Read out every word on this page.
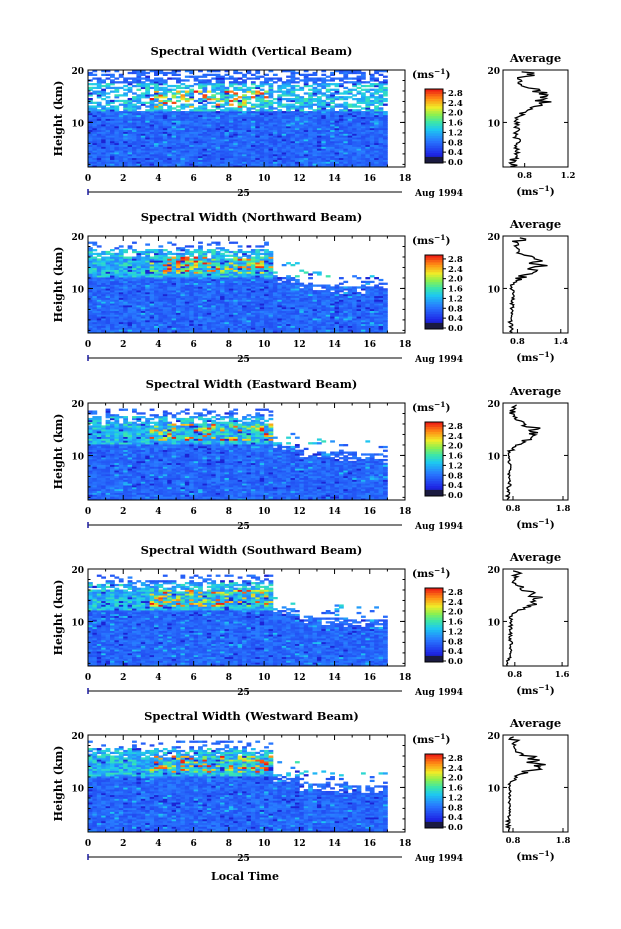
Spectral Width (Vertical Beam)
0	2	4	6	8	10	12	14	16	18
10
20
Height (km)
25	Aug 1994
$(ms^{-1})$
2.8
2.4
2.0
1.6
1.2
0.8
0.4
0.0
Average
10
20
0.8	1.2
$(ms^{-1})$
Spectral Width (Northward Beam)
0	2	4	6	8	10	12	14	16	18
10
20
Height (km)
25	Aug 1994
$(ms^{-1})$
2.8
2.4
2.0
1.6
1.2
0.8
0.4
0.0
Average
10
20
0.8	1.4
$(ms^{-1})$
Spectral Width (Eastward Beam)
0	2	4	6	8	10	12	14	16	18
10
20
Height (km)
25	Aug 1994
$(ms^{-1})$
2.8
2.4
2.0
1.6
1.2
0.8
0.4
0.0
Average
10
20
0.8	1.8
$(ms^{-1})$
Spectral Width (Southward Beam)
0	2	4	6	8	10	12	14	16	18
10
20
Height (km)
25	Aug 1994
$(ms^{-1})$
2.8
2.4
2.0
1.6
1.2
0.8
0.4
0.0
Average
10
20
0.8	1.6
$(ms^{-1})$
Spectral Width (Westward Beam)
0	2	4	6	8	10	12	14	16	18
10
20
Height (km)
25	Aug 1994
$(ms^{-1})$
2.8
2.4
2.0
1.6
1.2
0.8
0.4
0.0
Average
10
20
0.8	1.8
$(ms^{-1})$
Local Time
